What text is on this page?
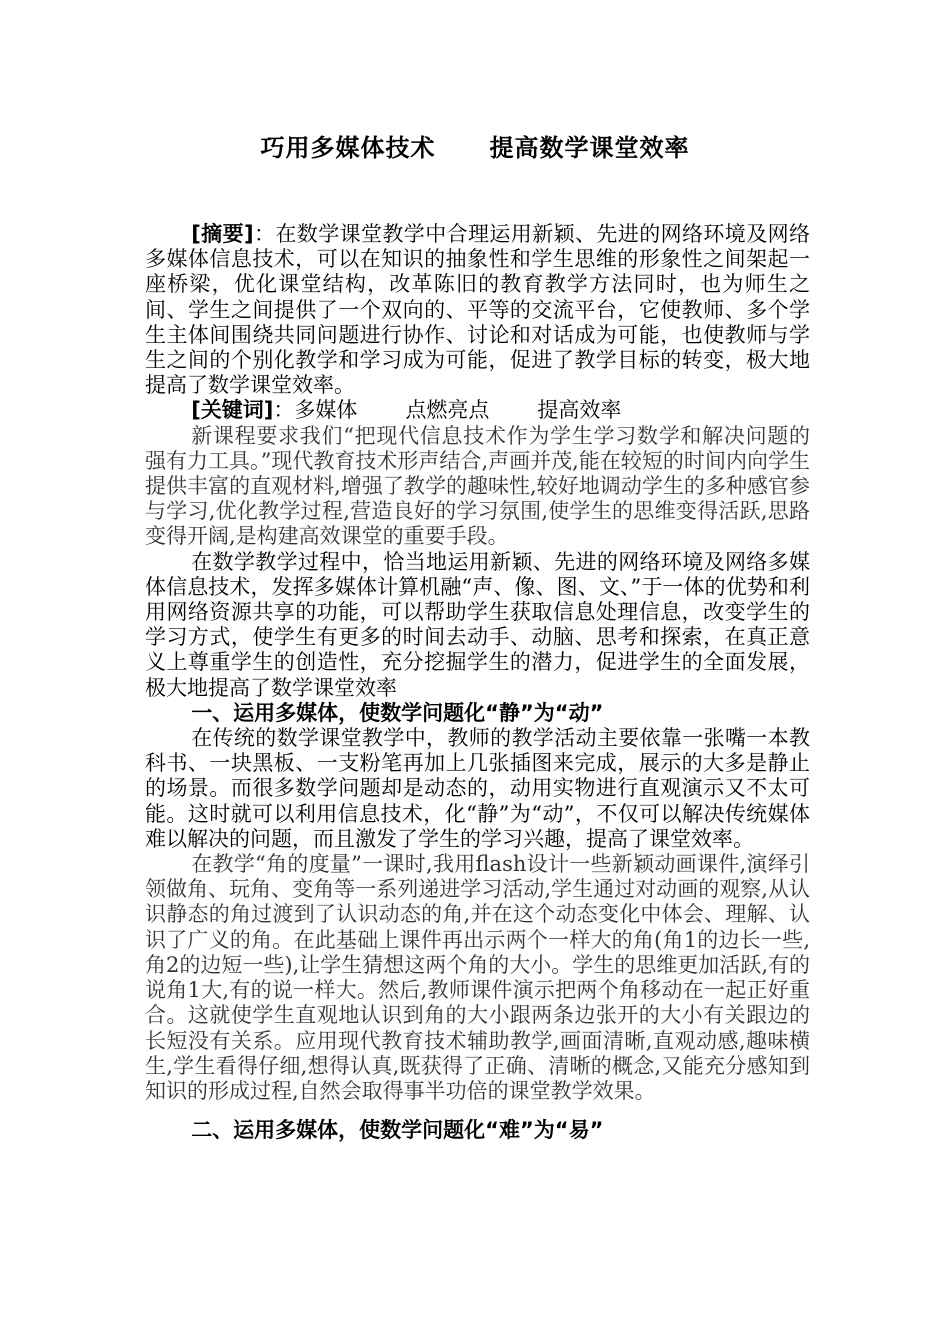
巧用多媒体技术 提高数学课堂效率

[摘要]：在数学课堂教学中合理运用新颖、先进的网络环境及网络多媒体信息技术，可以在知识的抽象性和学生思维的形象性之间架起一座桥梁，优化课堂结构，改革陈旧的教育教学方法同时，也为师生之间、学生之间提供了一个双向的、平等的交流平台，它使教师、多个学生主体间围绕共同问题进行协作、讨论和对话成为可能，也使教师与学生之间的个别化教学和学习成为可能，促进了教学目标的转变，极大地提高了数学课堂效率。

[关键词]：多媒体 点燃亮点 提高效率

新课程要求我们“把现代信息技术作为学生学习数学和解决问题的强有力工具。”现代教育技术形声结合,声画并茂,能在较短的时间内向学生提供丰富的直观材料,增强了教学的趣味性,较好地调动学生的多种感官参与学习,优化教学过程,营造良好的学习氛围,使学生的思维变得活跃,思路变得开阔,是构建高效课堂的重要手段。

在数学教学过程中，恰当地运用新颖、先进的网络环境及网络多媒体信息技术，发挥多媒体计算机融“声、像、图、文、”于一体的优势和利用网络资源共享的功能，可以帮助学生获取信息处理信息，改变学生的学习方式，使学生有更多的时间去动手、动脑、思考和探索，在真正意义上尊重学生的创造性，充分挖掘学生的潜力，促进学生的全面发展，极大地提高了数学课堂效率

一、运用多媒体，使数学问题化“静”为“动”

在传统的数学课堂教学中，教师的教学活动主要依靠一张嘴一本教科书、一块黑板、一支粉笔再加上几张插图来完成，展示的大多是静止的场景。而很多数学问题却是动态的，动用实物进行直观演示又不太可能。这时就可以利用信息技术，化“静”为“动”，不仅可以解决传统媒体难以解决的问题，而且激发了学生的学习兴趣，提高了课堂效率。

在教学“角的度量”一课时,我用flash设计一些新颖动画课件,演绎引领做角、玩角、变角等一系列递进学习活动,学生通过对动画的观察,从认识静态的角过渡到了认识动态的角,并在这个动态变化中体会、理解、认识了广义的角。在此基础上课件再出示两个一样大的角(角1的边长一些,角2的边短一些),让学生猜想这两个角的大小。学生的思维更加活跃,有的说角1大,有的说一样大。然后,教师课件演示把两个角移动在一起正好重合。这就使学生直观地认识到角的大小跟两条边张开的大小有关跟边的长短没有关系。应用现代教育技术辅助教学,画面清晰,直观动感,趣味横生,学生看得仔细,想得认真,既获得了正确、清晰的概念,又能充分感知到知识的形成过程,自然会取得事半功倍的课堂教学效果。

二、运用多媒体，使数学问题化“难”为“易”
